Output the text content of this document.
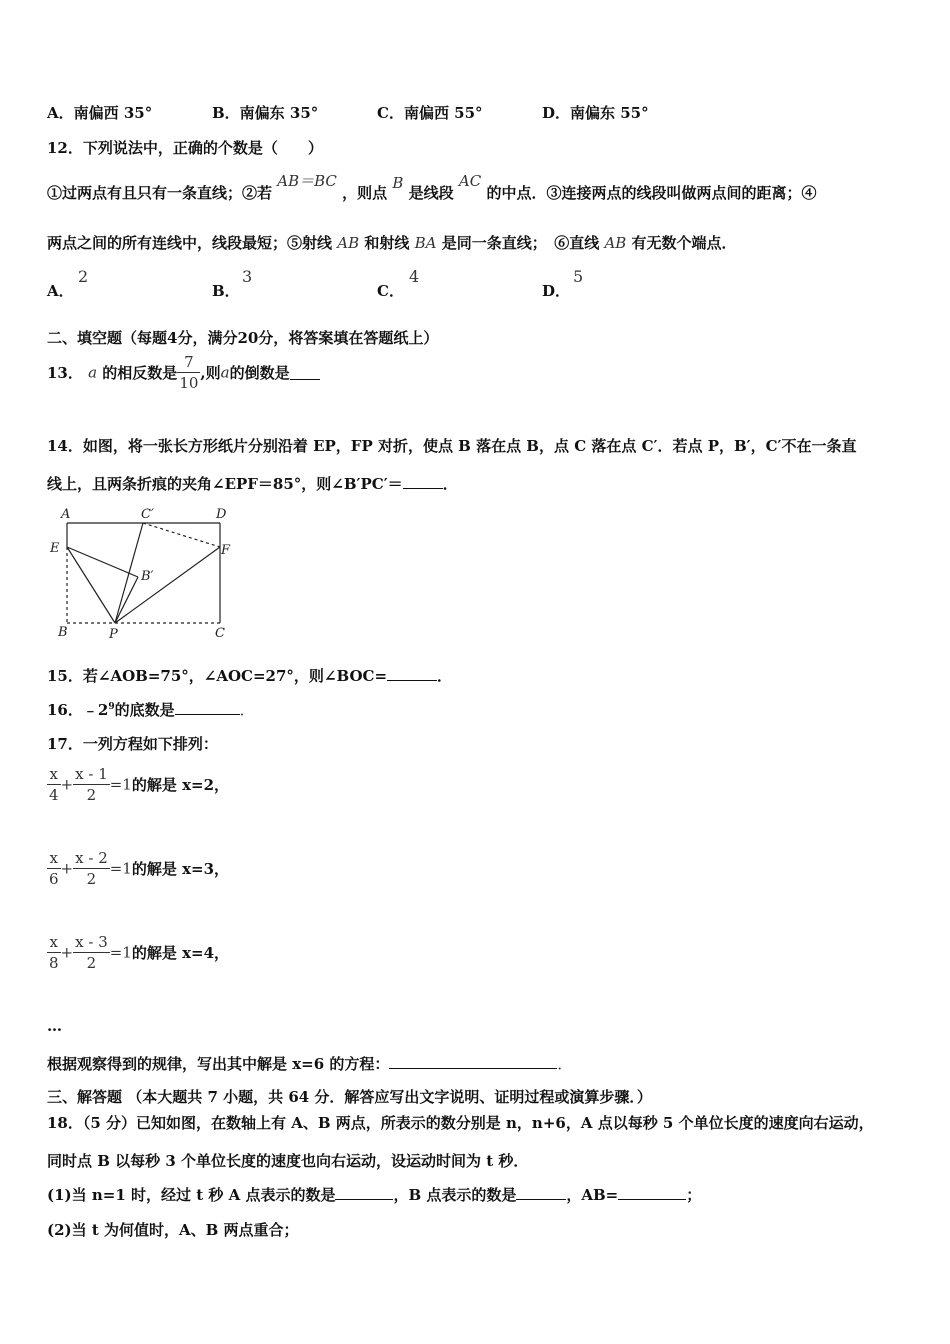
A．南偏西 35°	B．南偏东 35°	C．南偏西 55°	D．南偏东 55°
12．下列说法中，正确的个数是（　　）
①过两点有且只有一条直线；②若 AB＝BC ，则点 B 是线段 AC 的中点．③连接两点的线段叫做两点间的距离；④
两点之间的所有连线中，线段最短；⑤射线 AB 和射线 BA 是同一条直线；　⑥直线 AB 有无数个端点．
A．
2
B．
3
C．
4
D．
5
二、填空题（每题4分，满分20分，将答案填在答题纸上）
13． a 的相反数是 $\frac{7}{10}$ ,则a的倒数是
14．如图，将一张长方形纸片分别沿着 EP，FP 对折，使点 B 落在点 B，点 C 落在点 C′．若点 P，B′，C′不在一条直
线上，且两条折痕的夹角∠EPF＝85°，则∠B′PC′＝	．
A	C′	D
E	F
B′
B	P	C
15．若∠AOB=75°，∠AOC=27°，则∠BOC=	．
16．$﹣2^9$的底数是	．
17．一列方程如下排列：
$\frac{x}{4} + \frac{x - 1}{2} =1$的解是 x=2，
$\frac{x}{6} + \frac{x - 2}{2} =1$的解是 x=3，
$\frac{x}{8} + \frac{x - 3}{2} =1$的解是 x=4，
…
根据观察得到的规律，写出其中解是 x=6 的方程：	．
三、解答题 （本大题共 7 小题，共 64 分．解答应写出文字说明、证明过程或演算步骤．）
18．（5 分）已知如图，在数轴上有 A、B 两点，所表示的数分别是 n，n+6，A 点以每秒 5 个单位长度的速度向右运动，
同时点 B 以每秒 3 个单位长度的速度也向右运动，设运动时间为 t 秒．
(1)当 n=1 时，经过 t 秒 A 点表示的数是	，B 点表示的数是	，AB=	；
(2)当 t 为何值时，A、B 两点重合；
